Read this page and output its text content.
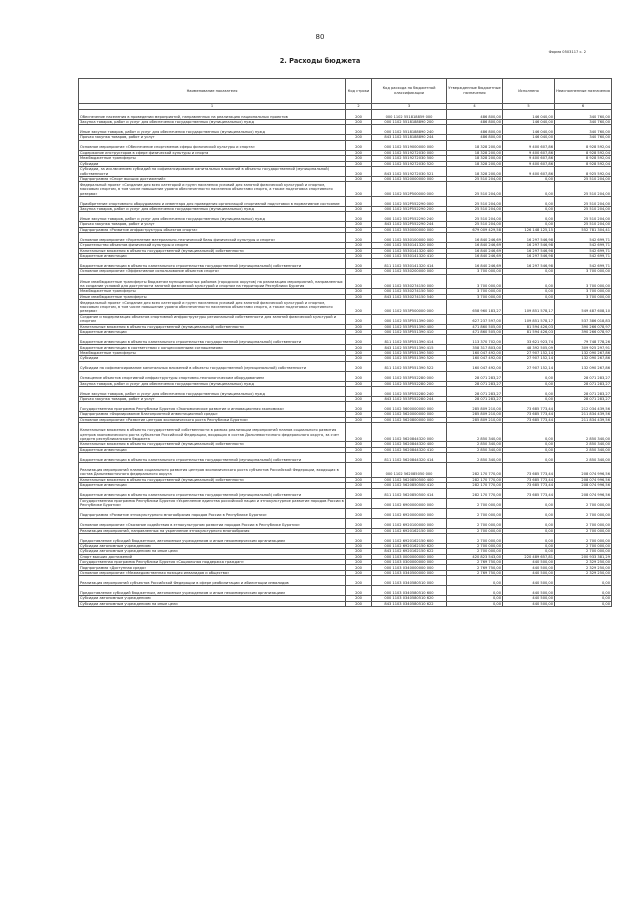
80
Форма 0503117 с. 2
2. Расходы бюджета
Наименование показателя	Код строки	Код расхода по бюджетной классификации	Утвержденные бюджетные назначения	Исполнено	Неисполненные назначения
1	2	3	4	5	6
Обеспечение населения в проведении мероприятий, направленных на реализацию национальных проектов	200	000 1102 551818859 000	486 800,00	146 040,00	340 760,00
Закупка товаров, работ и услуг для обеспечения государственных (муниципальных) нужд	200	000 1102 5518188890 200	486 800,00	146 040,00	340 760,00
Иные закупки товаров, работ и услуг для обеспечения государственных (муниципальных) нужд	200	000 1102 5518188890 240	486 800,00	146 040,00	340 760,00
Прочая закупка товаров, работ и услуг	200	843 1102 5518188890 244	486 800,00	146 040,00	340 760,00
Основное мероприятие «Обеспечение спортсменов сферы физической культуры и спорта»	200	000 1102 5519000000 000	18 328 200,00	9 400 607,86	8 928 592,04
Содержание инструкторов в сфере физической культуры и спорта	200	000 1102 5519272030 000	18 328 200,00	9 400 607,86	8 928 592,04
Межбюджетные трансферты	200	000 1102 5519272030 500	18 328 200,00	9 400 607,86	8 928 592,04
Субсидии	200	000 1102 5519272030 520	18 328 200,00	9 400 607,86	8 928 592,04
Субсидии, за исключением субсидий на софинансирование капитальных вложений в объекты государственной (муниципальной) собственности	200	843 1102 5519272030 521	18 328 200,00	9 400 607,86	8 925 592,04
Подпрограмма «Спорт высших достижений»	200	000 1102 5520000000 000	25 510 204,00	0,00	25 510 204,00
Федеральный проект «Создание для всех категорий и групп населения условий для занятий физической культурой и спортом, массовым спортом, в том числе повышение уровня обеспеченности населения объектами спорта, а также подготовка спортивного резерва»	200	000 1102 552P500000 000	25 510 204,00	0,00	25 510 204,00
Приобретение спортивного оборудования и инвентаря для приведения организаций спортивной подготовки в нормативное состояние	200	000 1102 552P552290 000	25 510 204,00	0,00	25 510 204,00
Закупка товаров, работ и услуг для обеспечения государственных (муниципальных) нужд	200	000 1102 552P552290 200	25 510 204,00	0,00	25 510 204,00
Иные закупки товаров, работ и услуг для обеспечения государственных (муниципальных) нужд	200	000 1102 552P552290 240	25 510 204,00	0,00	25 510 204,00
Прочая закупка товаров, работ и услуг	200	843 1102 552P552290 244	25 510 204,00	0,00	25 510 204,00
Подпрограмма «Развитие инфраструктуры объектов спорта»	200	000 1102 5530000000 000	679 009 429,58	126 148 125,15	552 781 304,41
Основное мероприятие «Укрепление материально-технической базы физической культуры и спорта»	200	000 1102 5530100000 000	16 840 246,69	16 297 546,98	542 699,71
Строительство объектов физической культуры и спорта	200	000 1102 5530141320 000	16 840 246,69	16 297 546,98	542 699,71
Капитальные вложения в объекты государственной (муниципальной) собственности	200	000 1102 5530141320 400	16 840 246,69	16 297 546,98	542 699,71
Бюджетные инвестиции	200	000 1102 5530141320 410	16 840 246,69	16 297 546,98	542 699,71
Бюджетные инвестиции в объекты капитального строительства государственной (муниципальной) собственности	200	811 1102 5530141320 414	16 840 246,69	16 297 546,98	542 699,71
Основное мероприятие «Эффективное использование объектов спорта»	200	000 1102 5530200000 000	3 700 000,00	0,00	3 700 000,00
Иные межбюджетные трансферты бюджетам муниципальных районов (городских округов) на реализацию мероприятий, направленных на создание условий для доступности занятий физической культурой и спортом на территории Республики Бурятия	200	000 1102 5530274150 000	3 700 000,00	0,00	3 700 000,00
Межбюджетные трансферты	200	000 1102 5530274150 500	3 700 000,00	0,00	3 700 000,00
Иные межбюджетные трансферты	200	843 1102 5530274150 540	3 700 000,00	0,00	3 700 000,00
Федеральный проект «Создание для всех категорий и групп населения условий для занятий физической культурой и спортом, массовым спортом, в том числе повышение уровня обеспеченности населения объектами спорта, а также подготовка спортивного резерва»	200	000 1102 553P500000 000	658 960 183,27	109 851 578,17	549 487 608,10
Создание и модернизация объектов спортивной инфраструктуры региональной собственности для занятий физической культурой и спортом	200	000 1102 553P551390 000	627 237 597,00	109 851 578,17	537 386 018,83
Капитальные вложения в объекты государственной (муниципальной) собственности	200	000 1102 553P551390 400	471 860 505,00	81 594 426,03	390 266 078,97
Бюджетные инвестиции	200	000 1102 553P551390 410	471 860 505,00	81 594 426,03	390 266 078,97
Бюджетные инвестиции в объекты капитального строительства государственной (муниципальной) собственности	200	811 1102 553P551390 414	113 370 702,00	33 621 923,74	79 748 778,26
Бюджетные инвестиции в соответствии с концессионными соглашениями	200	843 1102 553P551390 415	358 317 803,00	48 392 505,09	309 925 297,91
Межбюджетные трансферты	200	000 1102 553P551390 500	160 047 492,00	27 907 152,14	132 090 267,86
Субсидии	200	000 1102 553P551390 520	160 047 492,00	27 907 152,14	132 090 267,86
Субсидии на софинансирование капитальных вложений в объекты государственной (муниципальной) собственности	200	811 1102 553P551390 522	160 047 492,00	27 907 152,14	132 090 267,86
Оснащение объектов спортивной инфраструктуры спортивно-технологическим оборудованием	200	000 1102 553P552280 000	28 071 283,27	0,00	28 071 283,27
Закупка товаров, работ и услуг для обеспечения государственных (муниципальных) нужд	200	000 1102 553P552280 200	28 071 283,27	0,00	28 071 283,27
Иные закупки товаров, работ и услуг для обеспечения государственных (муниципальных) нужд	200	000 1102 553P552280 240	28 071 283,27	0,00	28 071 283,27
Прочая закупка товаров, работ и услуг	200	843 1102 553P552280 244	28 071 283,27	0,00	28 071 283,27
Государственная программа Республики Бурятия «Экономическое развитие и инновационная экономика»	200	000 1102 5600000000 000	285 809 210,00	73 685 773,44	212 034 439,56
Подпрограмма «Формирование благоприятной инвестиционной среды»	200	000 1102 5620000000 000	285 809 210,00	73 685 773,44	211 834 439,56
Основное мероприятие «Развитие центров экономического роста Республики Бурятия»	200	000 1102 5620800000 000	285 809 210,00	73 685 773,44	211 834 439,56
Капитальные вложения в объекты государственной собственности в рамках реализации мероприятий планов социального развития центров экономического роста субъектов Российской Федерации, входящих в состав Дальневосточного федерального округа, за счет средств республиканского бюджета	200	000 1102 5620844320 000	2 850 340,00	0,00	2 850 340,00
Капитальные вложения в объекты государственной (муниципальной) собственности	200	000 1102 5620844320 400	2 850 340,00	0,00	2 850 340,00
Бюджетные инвестиции	200	000 1102 5620844320 410	2 850 340,00	0,00	2 850 340,00
Бюджетные инвестиции в объекты капитального строительства государственной (муниципальной) собственности	200	811 1102 5620844320 414	2 850 340,00	0,00	2 850 340,00
Реализация мероприятий планов социального развития центров экономического роста субъектов Российской Федерации, входящих в состав Дальневосточного федерального округа	200	000 1102 562085050 000	282 170 770,00	73 685 773,44	208 074 996,56
Капитальные вложения в объекты государственной (муниципальной) собственности	200	000 1102 5620850500 400	282 170 770,00	73 685 773,44	208 074 996,56
Бюджетные инвестиции	200	000 1102 5620850500 410	282 170 770,00	73 685 773,44	208 074 996,56
Бюджетные инвестиции в объекты капитального строительства государственной (муниципальной) собственности	200	811 1102 5620850500 414	282 170 770,00	73 685 773,44	208 074 996,56
Государственная программа Республики Бурятия «Укрепление единства российской нации и этнокультурное развитие народов России в Республике Бурятия»	200	000 1102 6900000000 000	2 700 000,00	0,00	2 700 000,00
Подпрограмма «Развитие этнокультурного многообразия народов России в Республике Бурятия»	200	000 1102 6920000000 000	2 700 000,00	0,00	2 700 000,00
Основное мероприятие «Оказание содействия в этнокультурном развитии народов России в Республике Бурятия»	200	000 1102 6920100000 000	2 700 000,00	0,00	2 700 000,00
Реализация мероприятий, направленных на укрепление этнокультурного многообразия	200	000 1102 6920162150 000	2 700 000,00	0,00	2 700 000,00
Предоставление субсидий бюджетным, автономным учреждениям и иным некоммерческим организациям	200	000 1102 6920162150 600	2 700 000,00	0,00	2 700 000,00
Субсидии автономным учреждениям	200	000 1102 6920162150 620	2 700 000,00	0,00	2 700 000,00
Субсидии автономным учреждениям на иные цели	200	843 1102 6920162150 622	2 700 000,00	0,00	2 700 000,00
Спорт высших достижений	200	000 1103 0000000000 000	420 823 543,00	220 489 657,81	200 933 381,29
Государственная программа Республики Бурятия «Социальная поддержка граждан»	200	000 1103 0300000000 000	2 769 750,00	440 500,00	2 329 250,00
Подпрограмма «Доступная среда»	200	000 1103 0340000000 000	2 769 750,00	440 500,00	2 329 250,00
Основное мероприятие «Межведомственная позиция инвалидов и общества»	200	000 1103 0340500000 000	2 769 750,00	440 500,00	2 329 250,00
Реализация мероприятий субъектов Российской Федерации в сфере реабилитации и абилитации инвалидов	200	000 1103 0340580510 000	0,00	440 500,00	0,00
Предоставление субсидий бюджетным, автономным учреждениям и иным некоммерческим организациям	200	000 1103 0340580510 600	0,00	440 500,00	0,00
Субсидии автономным учреждениям	200	000 1103 0340580510 620	0,00	440 500,00	0,00
Субсидии автономным учреждениям на иные цели	200	843 1103 0340580510 622	0,00	440 500,00	0,00
